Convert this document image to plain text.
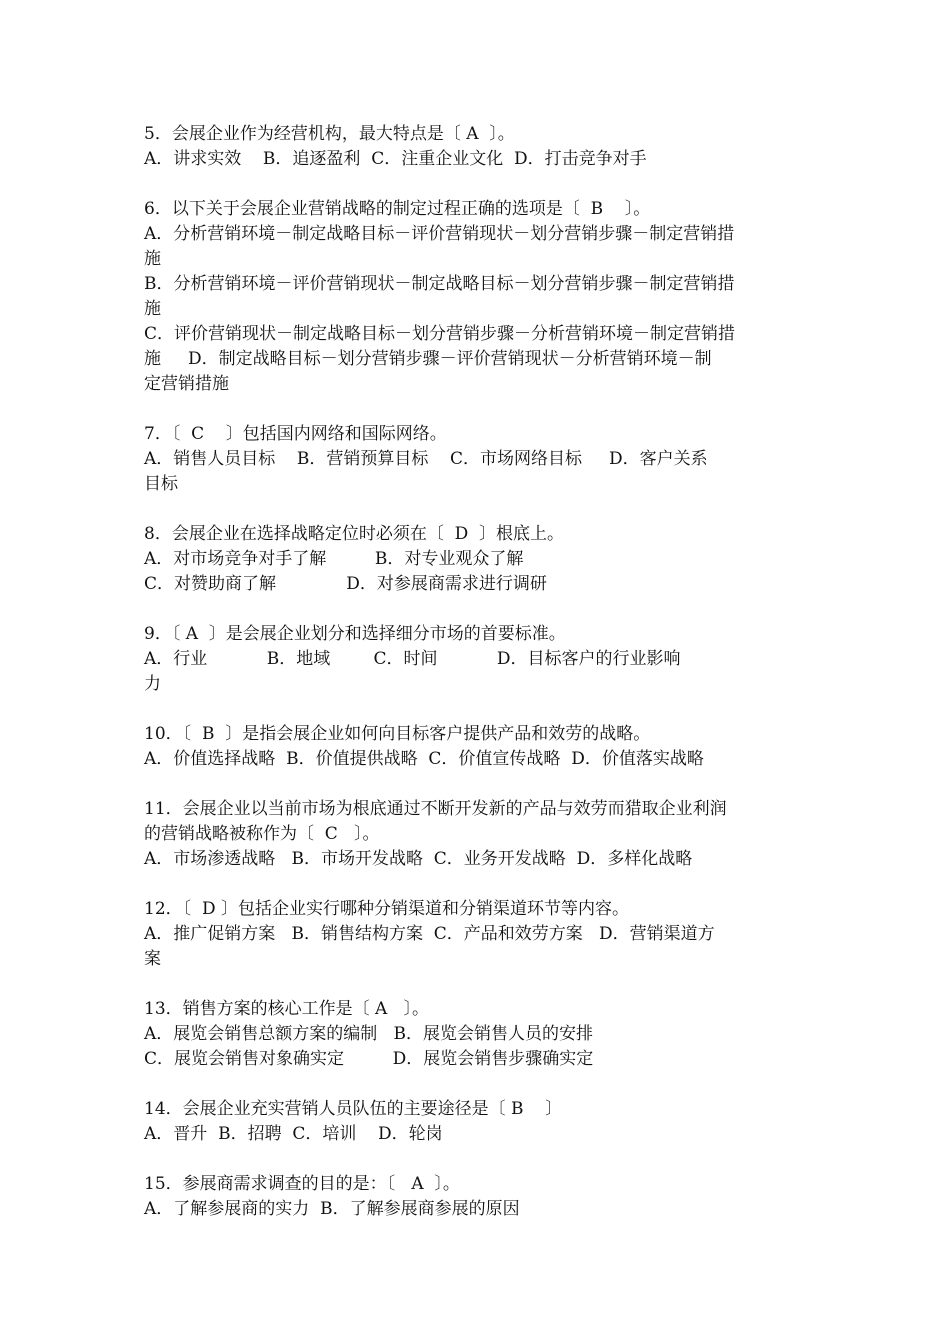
5．会展企业作为经营机构，最大特点是〔 A  〕。
A．讲求实效    B．追逐盈利  C．注重企业文化  D．打击竞争对手
6．以下关于会展企业营销战略的制定过程正确的选项是〔  B    〕。
A．分析营销环境－制定战略目标－评价营销现状－划分营销步骤－制定营销措
施
B．分析营销环境－评价营销现状－制定战略目标－划分营销步骤－制定营销措
施
C．评价营销现状－制定战略目标－划分营销步骤－分析营销环境－制定营销措
施     D．制定战略目标－划分营销步骤－评价营销现状－分析营销环境－制
定营销措施
7．〔  C    〕包括国内网络和国际网络。
A．销售人员目标    B．营销预算目标    C．市场网络目标     D．客户关系
目标
8．会展企业在选择战略定位时必须在〔  D  〕根底上。
A．对市场竞争对手了解         B．对专业观众了解
C．对赞助商了解             D．对参展商需求进行调研
9．〔 A  〕是会展企业划分和选择细分市场的首要标准。
A．行业           B．地域        C．时间           D．目标客户的行业影响
力
10．〔  B  〕是指会展企业如何向目标客户提供产品和效劳的战略。
A．价值选择战略  B．价值提供战略  C．价值宣传战略  D．价值落实战略
11．会展企业以当前市场为根底通过不断开发新的产品与效劳而猎取企业利润
的营销战略被称作为〔  C   〕。
A．市场渗透战略   B．市场开发战略  C．业务开发战略  D．多样化战略
12．〔  D 〕包括企业实行哪种分销渠道和分销渠道环节等内容。
A．推广促销方案   B．销售结构方案  C．产品和效劳方案   D．营销渠道方
案
13．销售方案的核心工作是〔 A   〕。
A．展览会销售总额方案的编制   B．展览会销售人员的安排
C．展览会销售对象确实定         D．展览会销售步骤确实定
14．会展企业充实营销人员队伍的主要途径是〔 B    〕
A．晋升  B．招聘  C．培训    D．轮岗
15．参展商需求调查的目的是：〔   A  〕。
A．了解参展商的实力  B．了解参展商参展的原因
